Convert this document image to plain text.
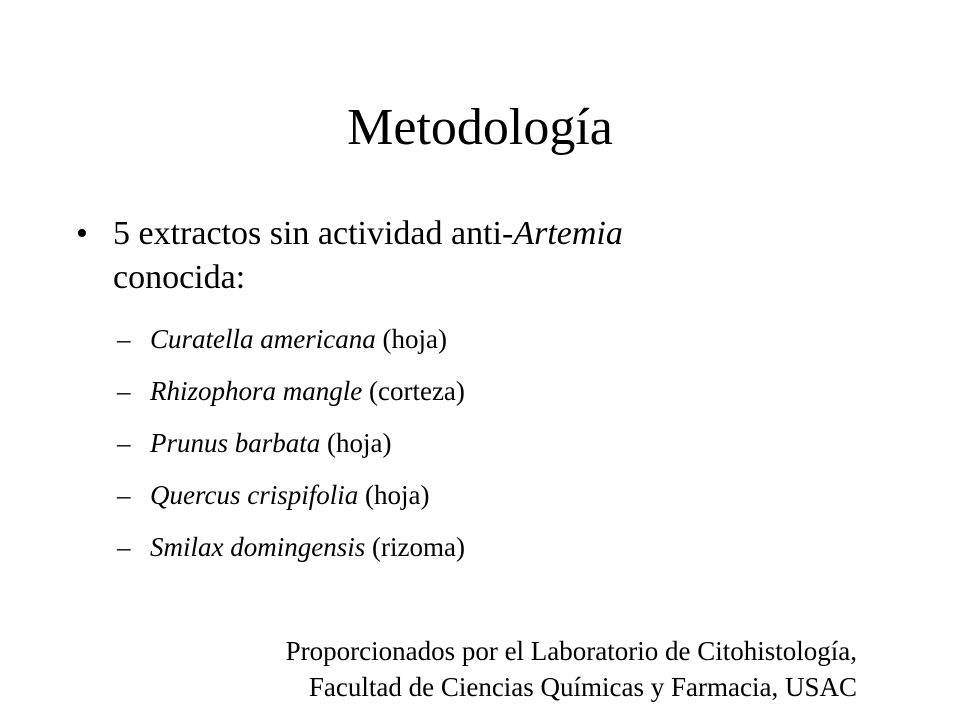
Metodología
• 5 extractos sin actividad anti-Artemia
conocida:
– Curatella americana (hoja)
– Rhizophora mangle (corteza)
– Prunus barbata (hoja)
– Quercus crispifolia (hoja)
– Smilax domingensis (rizoma)
Proporcionados por el Laboratorio de Citohistología,
Facultad de Ciencias Químicas y Farmacia, USAC
